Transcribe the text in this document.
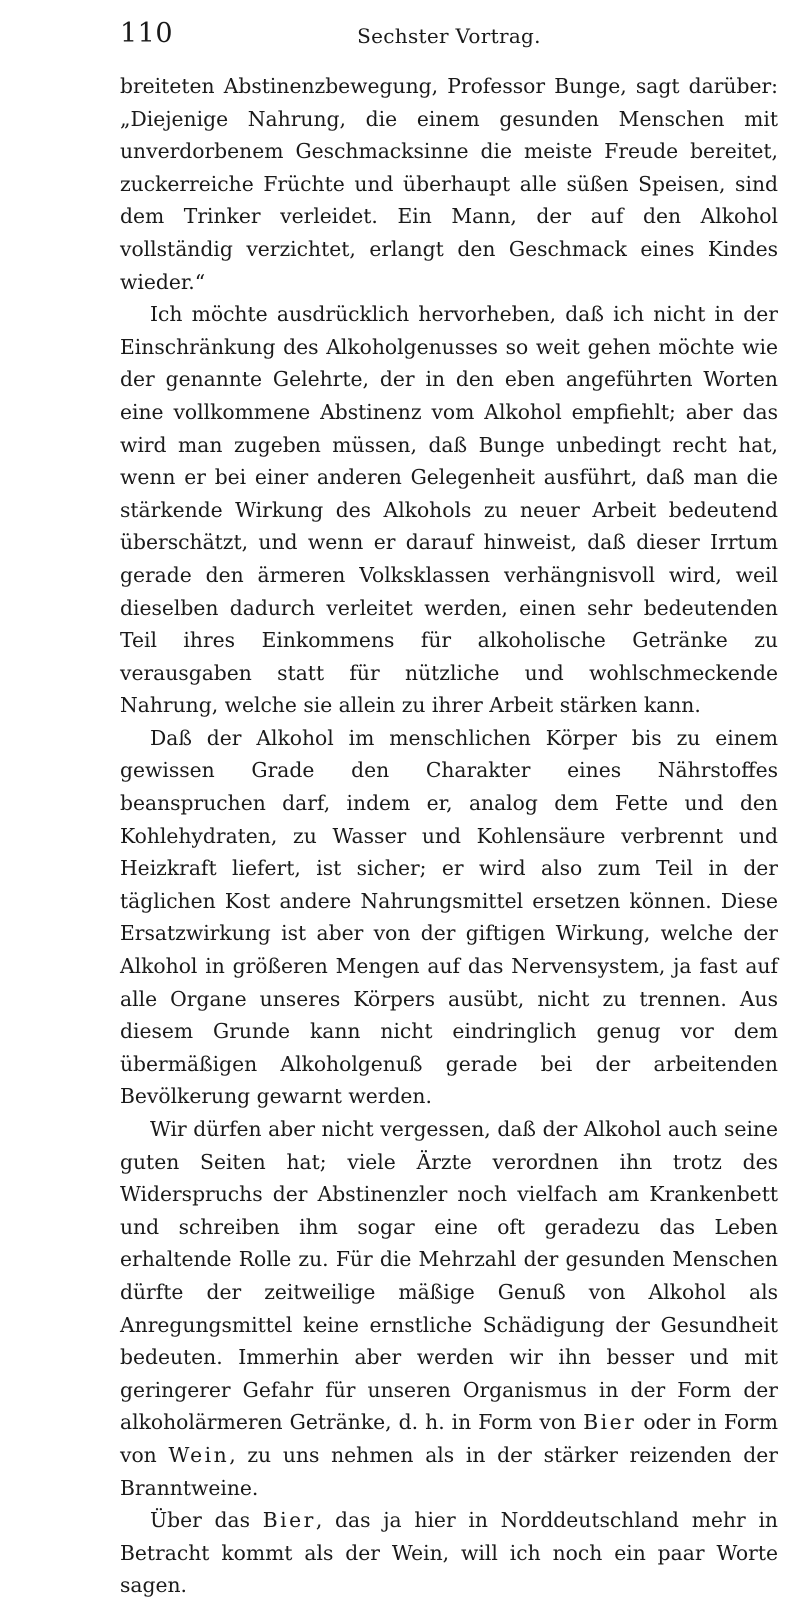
110	Sechster Vortrag.

breiteten Abstinenzbewegung, Professor Bunge, sagt darüber: „Diejenige Nahrung, die einem gesunden Menschen mit unverdorbenem Geschmacksinne die meiste Freude bereitet, zuckerreiche Früchte und überhaupt alle süßen Speisen, sind dem Trinker verleidet. Ein Mann, der auf den Alkohol vollständig verzichtet, erlangt den Geschmack eines Kindes wieder.“

Ich möchte ausdrücklich hervorheben, daß ich nicht in der Einschränkung des Alkoholgenusses so weit gehen möchte wie der genannte Gelehrte, der in den eben angeführten Worten eine vollkommene Abstinenz vom Alkohol empfiehlt; aber das wird man zugeben müssen, daß Bunge unbedingt recht hat, wenn er bei einer anderen Gelegenheit ausführt, daß man die stärkende Wirkung des Alkohols zu neuer Arbeit bedeutend überschätzt, und wenn er darauf hinweist, daß dieser Irrtum gerade den ärmeren Volksklassen verhängnisvoll wird, weil dieselben dadurch verleitet werden, einen sehr bedeutenden Teil ihres Einkommens für alkoholische Getränke zu verausgaben statt für nützliche und wohlschmeckende Nahrung, welche sie allein zu ihrer Arbeit stärken kann.

Daß der Alkohol im menschlichen Körper bis zu einem gewissen Grade den Charakter eines Nährstoffes beanspruchen darf, indem er, analog dem Fette und den Kohlehydraten, zu Wasser und Kohlensäure verbrennt und Heizkraft liefert, ist sicher; er wird also zum Teil in der täglichen Kost andere Nahrungsmittel ersetzen können. Diese Ersatzwirkung ist aber von der giftigen Wirkung, welche der Alkohol in größeren Mengen auf das Nervensystem, ja fast auf alle Organe unseres Körpers ausübt, nicht zu trennen. Aus diesem Grunde kann nicht eindringlich genug vor dem übermäßigen Alkoholgenuß gerade bei der arbeitenden Bevölkerung gewarnt werden.

Wir dürfen aber nicht vergessen, daß der Alkohol auch seine guten Seiten hat; viele Ärzte verordnen ihn trotz des Widerspruchs der Abstinenzler noch vielfach am Krankenbett und schreiben ihm sogar eine oft geradezu das Leben erhaltende Rolle zu. Für die Mehrzahl der gesunden Menschen dürfte der zeitweilige mäßige Genuß von Alkohol als Anregungsmittel keine ernstliche Schädigung der Gesundheit bedeuten. Immerhin aber werden wir ihn besser und mit geringerer Gefahr für unseren Organismus in der Form der alkoholärmeren Getränke, d. h. in Form von Bier oder in Form von Wein, zu uns nehmen als in der stärker reizenden der Branntweine.

Über das Bier, das ja hier in Norddeutschland mehr in Betracht kommt als der Wein, will ich noch ein paar Worte sagen.
